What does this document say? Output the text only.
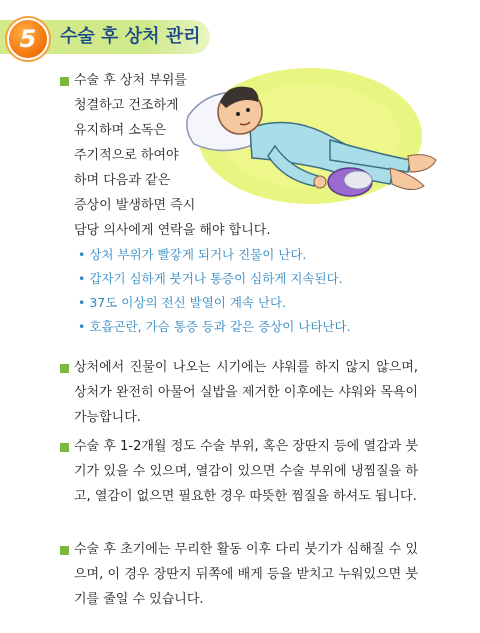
5	수술 후 상처 관리

수술 후 상처 부위를
청결하고 건조하게
유지하며 소독은
주기적으로 하여야
하며 다음과 같은
증상이 발생하면 즉시
담당 의사에게 연락을 해야 합니다.

• 상처 부위가 빨갛게 되거나 진물이 난다.
• 갑자기 심하게 붓거나 통증이 심하게 지속된다.
• 37도 이상의 전신 발열이 계속 난다.
• 호흡곤란, 가슴 통증 등과 같은 증상이 나타난다.

상처에서 진물이 나오는 시기에는 샤워를 하지 않지 않으며, 상처가 완전히 아물어 실밥을 제거한 이후에는 샤워와 목욕이 가능합니다.

수술 후 1-2개월 정도 수술 부위, 혹은 장딴지 등에 열감과 붓기가 있을 수 있으며, 열감이 있으면 수술 부위에 냉찜질을 하고, 열감이 없으면 필요한 경우 따뜻한 찜질을 하셔도 됩니다.

수술 후 초기에는 무리한 활동 이후 다리 붓기가 심해질 수 있으며, 이 경우 장딴지 뒤쪽에 배게 등을 받치고 누워있으면 붓기를 줄일 수 있습니다.
